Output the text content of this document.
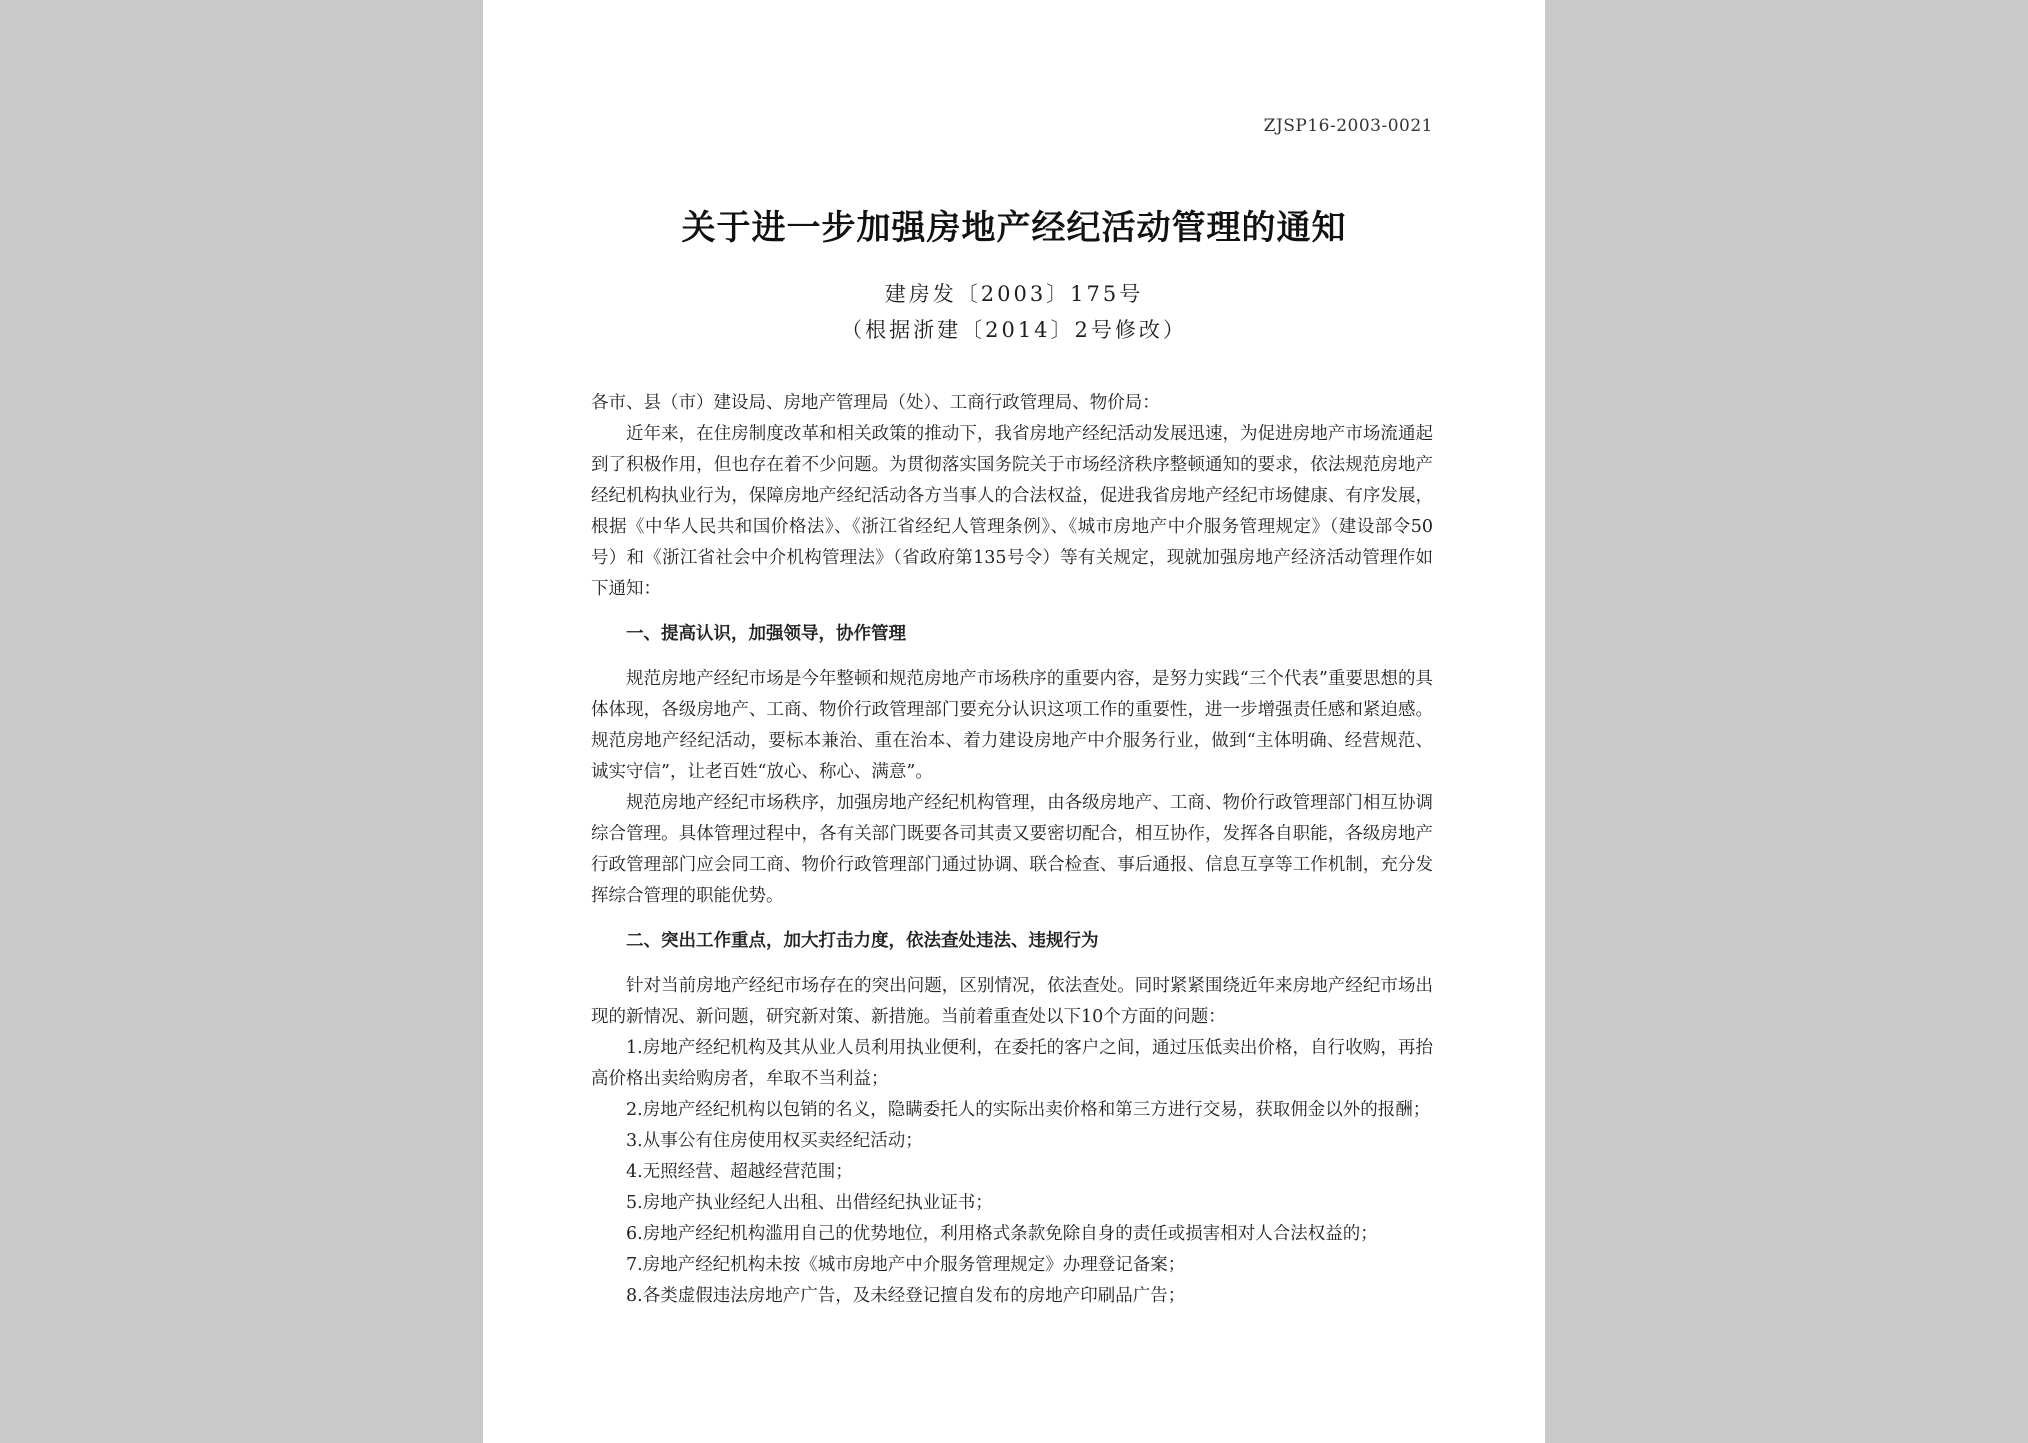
ZJSP16-2003-0021
关于进一步加强房地产经纪活动管理的通知
建房发〔2003〕175号
（根据浙建〔2014〕2号修改）

各市、县（市）建设局、房地产管理局（处）、工商行政管理局、物价局：

近年来，在住房制度改革和相关政策的推动下，我省房地产经纪活动发展迅速，为促进房地产市场流通起到了积极作用，但也存在着不少问题。为贯彻落实国务院关于市场经济秩序整顿通知的要求，依法规范房地产经纪机构执业行为，保障房地产经纪活动各方当事人的合法权益，促进我省房地产经纪市场健康、有序发展，根据《中华人民共和国价格法》、《浙江省经纪人管理条例》、《城市房地产中介服务管理规定》（建设部令50号）和《浙江省社会中介机构管理法》（省政府第135号令）等有关规定，现就加强房地产经济活动管理作如下通知：

一、提高认识，加强领导，协作管理

规范房地产经纪市场是今年整顿和规范房地产市场秩序的重要内容，是努力实践“三个代表”重要思想的具体体现，各级房地产、工商、物价行政管理部门要充分认识这项工作的重要性，进一步增强责任感和紧迫感。规范房地产经纪活动，要标本兼治、重在治本、着力建设房地产中介服务行业，做到“主体明确、经营规范、诚实守信”，让老百姓“放心、称心、满意”。

规范房地产经纪市场秩序，加强房地产经纪机构管理，由各级房地产、工商、物价行政管理部门相互协调综合管理。具体管理过程中，各有关部门既要各司其责又要密切配合，相互协作，发挥各自职能，各级房地产行政管理部门应会同工商、物价行政管理部门通过协调、联合检查、事后通报、信息互享等工作机制，充分发挥综合管理的职能优势。

二、突出工作重点，加大打击力度，依法查处违法、违规行为

针对当前房地产经纪市场存在的突出问题，区别情况，依法查处。同时紧紧围绕近年来房地产经纪市场出现的新情况、新问题，研究新对策、新措施。当前着重查处以下10个方面的问题：

1.房地产经纪机构及其从业人员利用执业便利，在委托的客户之间，通过压低卖出价格，自行收购，再抬高价格出卖给购房者，牟取不当利益；

2.房地产经纪机构以包销的名义，隐瞒委托人的实际出卖价格和第三方进行交易，获取佣金以外的报酬；

3.从事公有住房使用权买卖经纪活动；

4.无照经营、超越经营范围；

5.房地产执业经纪人出租、出借经纪执业证书；

6.房地产经纪机构滥用自己的优势地位，利用格式条款免除自身的责任或损害相对人合法权益的；

7.房地产经纪机构未按《城市房地产中介服务管理规定》办理登记备案；

8.各类虚假违法房地产广告，及未经登记擅自发布的房地产印刷品广告；
